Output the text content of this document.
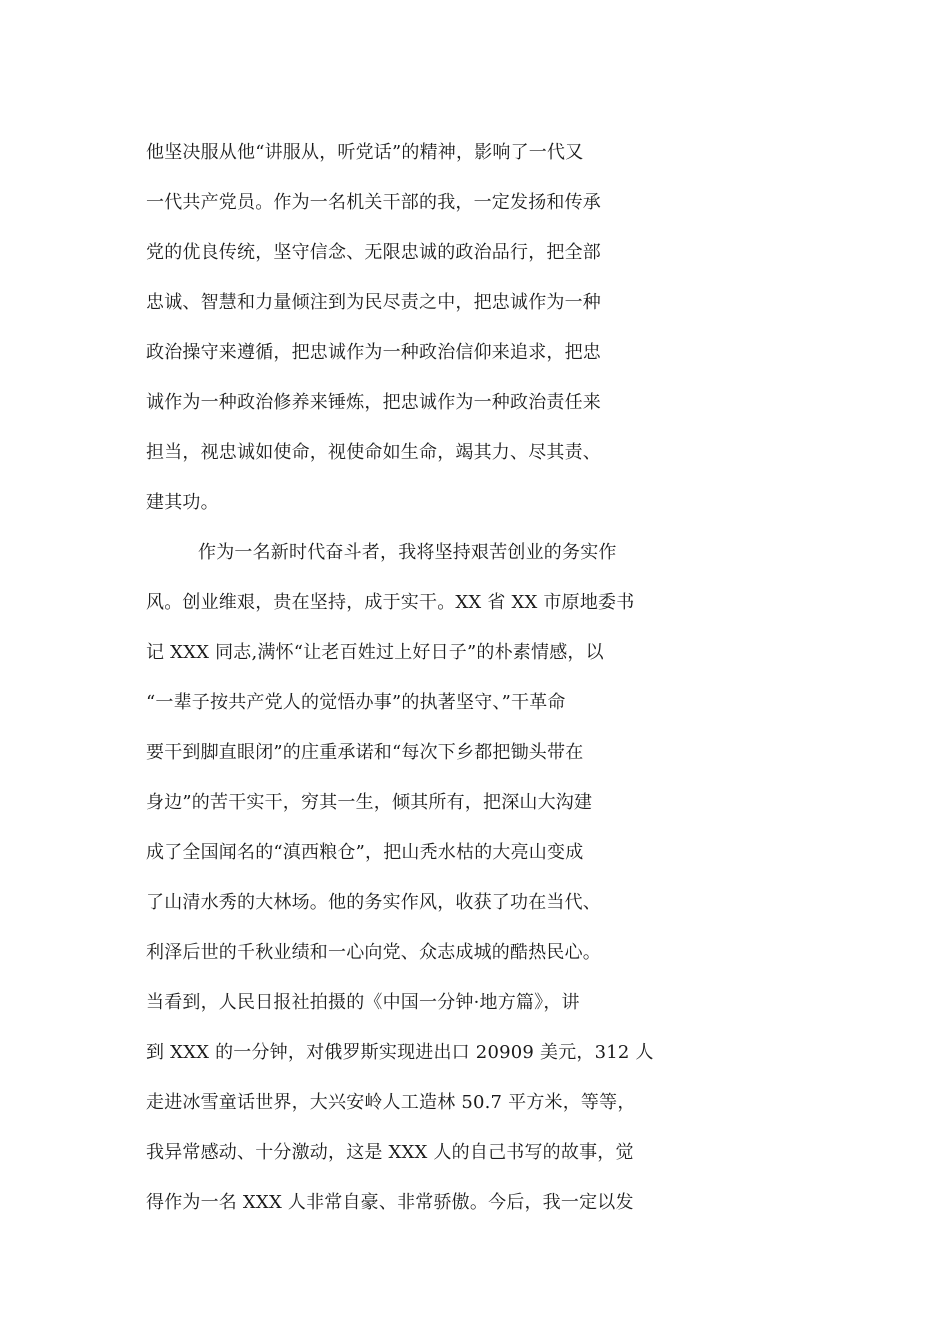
他坚决服从他“讲服从，听党话”的精神，影响了一代又
一代共产党员。作为一名机关干部的我，一定发扬和传承
党的优良传统，坚守信念、无限忠诚的政治品行，把全部
忠诚、智慧和力量倾注到为民尽责之中，把忠诚作为一种
政治操守来遵循，把忠诚作为一种政治信仰来追求，把忠
诚作为一种政治修养来锤炼，把忠诚作为一种政治责任来
担当，视忠诚如使命，视使命如生命，竭其力、尽其责、
建其功。
作为一名新时代奋斗者，我将坚持艰苦创业的务实作
风。创业维艰，贵在坚持，成于实干。XX 省 XX 市原地委书
记 XXX 同志,满怀“让老百姓过上好日子”的朴素情感，以
“一辈子按共产党人的觉悟办事”的执著坚守、”干革命
要干到脚直眼闭”的庄重承诺和“每次下乡都把锄头带在
身边”的苦干实干，穷其一生，倾其所有，把深山大沟建
成了全国闻名的“滇西粮仓”，把山秃水枯的大亮山变成
了山清水秀的大林场。他的务实作风，收获了功在当代、
利泽后世的千秋业绩和一心向党、众志成城的酷热民心。
当看到，人民日报社拍摄的《中国一分钟·地方篇》，讲
到 XXX 的一分钟，对俄罗斯实现进出口 20909 美元，312 人
走进冰雪童话世界，大兴安岭人工造林 50.7 平方米，等等，
我异常感动、十分激动，这是 XXX 人的自己书写的故事，觉
得作为一名 XXX 人非常自豪、非常骄傲。今后，我一定以发
